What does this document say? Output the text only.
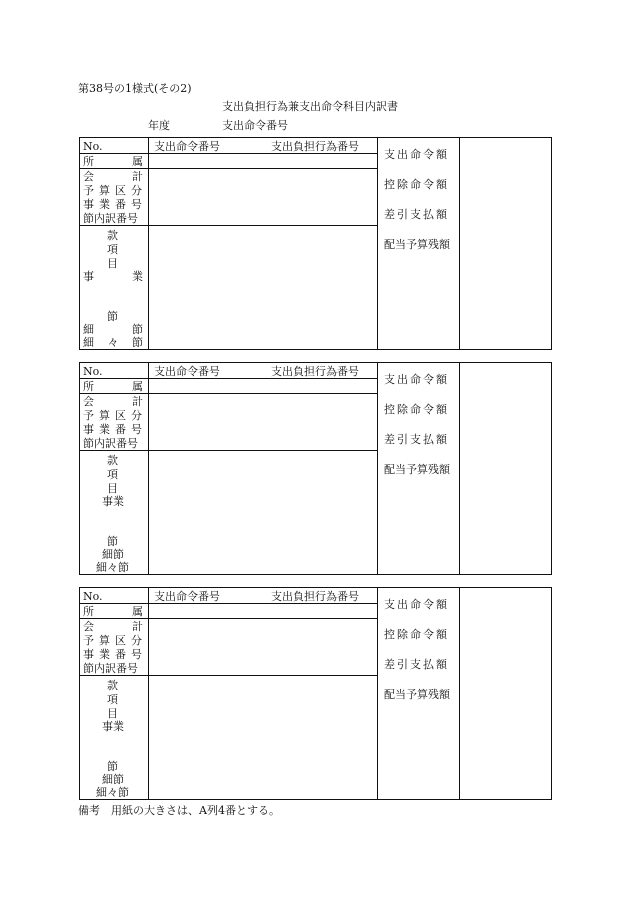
第38号の1様式(その2)
支出負担行為兼支出命令科目内訳書
年度	支出命令番号
No.	支出命令番号	支出負担行為番号
所	属
会	計
予算区分
事業番号
節内訳番号
款
項
目
事	業
節
細	節
細 々 節
支出命令額
控除命令額
差引支払額
配当予算残額
No.	支出命令番号	支出負担行為番号
所	属
会	計
予算区分
事業番号
節内訳番号
款
項
目
事業
節
細節
細々節
支出命令額
控除命令額
差引支払額
配当予算残額
No.	支出命令番号	支出負担行為番号
所	属
会	計
予算区分
事業番号
節内訳番号
款
項
目
事業
節
細節
細々節
支出命令額
控除命令額
差引支払額
配当予算残額
備考　用紙の大きさは、A列4番とする。
